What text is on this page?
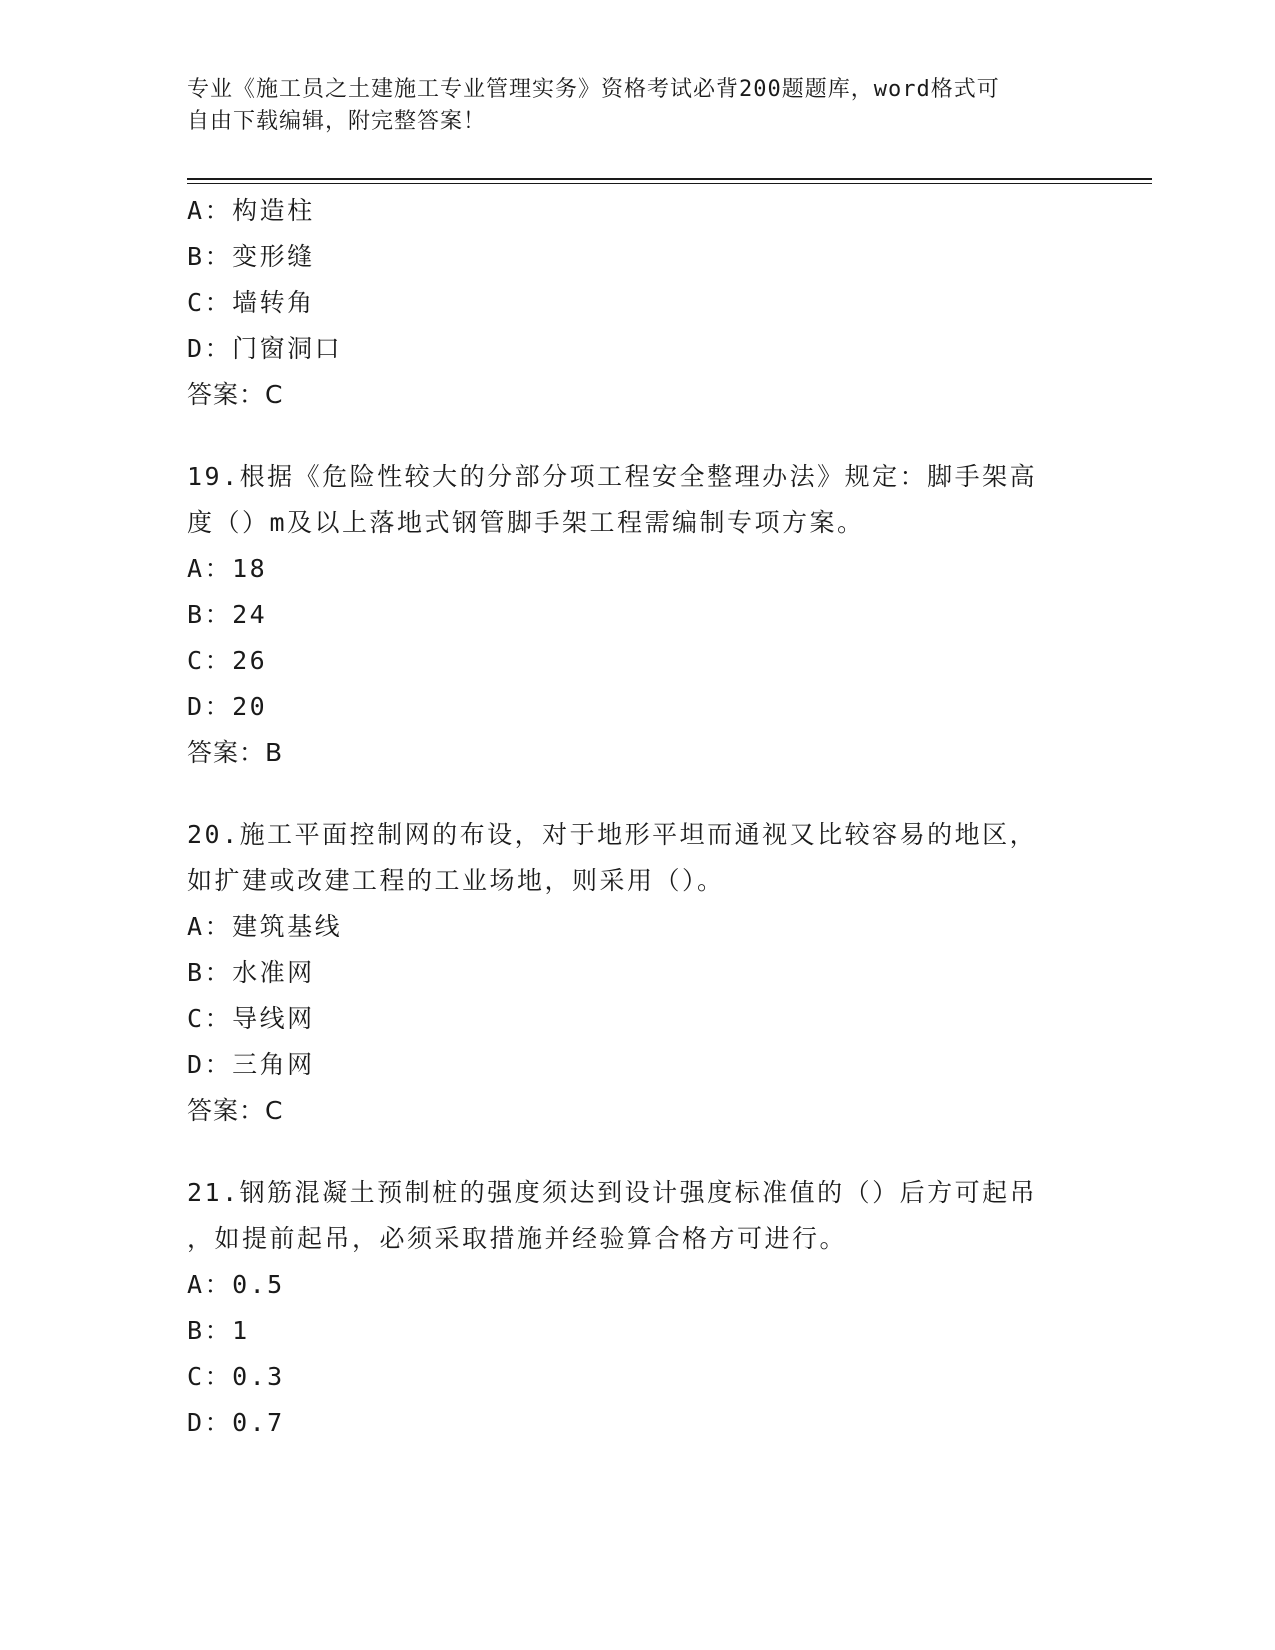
专业《施工员之土建施工专业管理实务》资格考试必背200题题库，word格式可
自由下载编辑，附完整答案！
A：构造柱
B：变形缝
C：墙转角
D：门窗洞口
答案：C
19.根据《危险性较大的分部分项工程安全整理办法》规定：脚手架高
度（）m及以上落地式钢管脚手架工程需编制专项方案。
A：18
B：24
C：26
D：20
答案：B
20.施工平面控制网的布设，对于地形平坦而通视又比较容易的地区，
如扩建或改建工程的工业场地，则采用（）。
A：建筑基线
B：水准网
C：导线网
D：三角网
答案：C
21.钢筋混凝土预制桩的强度须达到设计强度标准值的（）后方可起吊
，如提前起吊，必须采取措施并经验算合格方可进行。
A：0.5
B：1
C：0.3
D：0.7
